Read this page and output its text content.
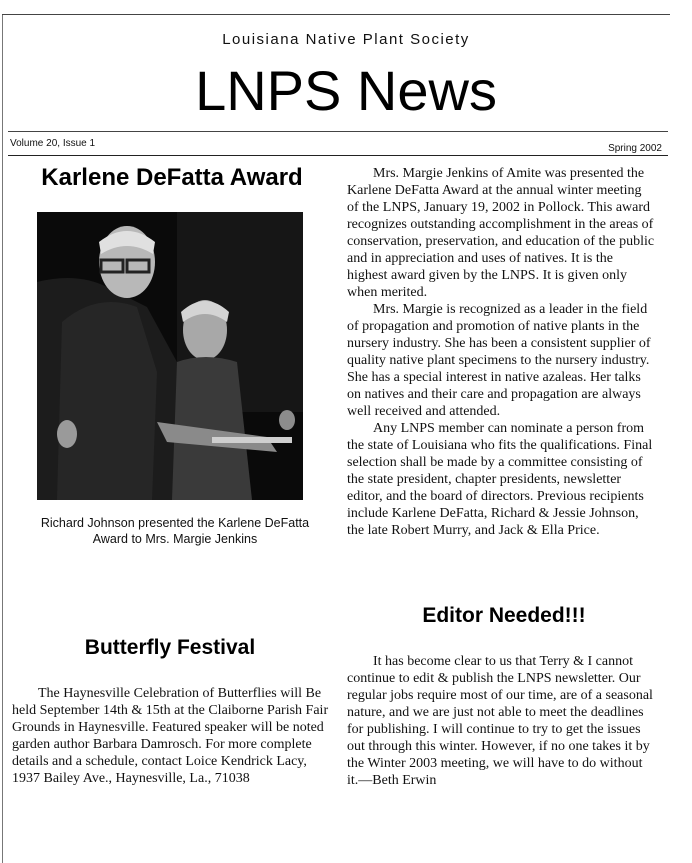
Louisiana Native Plant Society
LNPS News
Volume 20, Issue 1	Spring 2002
Karlene DeFatta Award
Richard Johnson presented the Karlene DeFatta
Award to Mrs. Margie Jenkins

Mrs. Margie Jenkins of Amite was presented the Karlene DeFatta Award at the annual winter meeting of the LNPS, January 19, 2002 in Pollock. This award recognizes outstanding accomplishment in the areas of conservation, preservation, and education of the public and in appreciation and uses of natives. It is the highest award given by the LNPS. It is given only when merited.

Mrs. Margie is recognized as a leader in the field of propagation and promotion of native plants in the nursery industry. She has been a consistent supplier of quality native plant specimens to the nursery industry. She has a special interest in native azaleas. Her talks on natives and their care and propagation are always well received and attended.

Any LNPS member can nominate a person from the state of Louisiana who fits the qualifications. Final selection shall be made by a committee consisting of the state president, chapter presidents, newsletter editor, and the board of directors. Previous recipients include Karlene DeFatta, Richard & Jessie Johnson, the late Robert Murry, and Jack & Ella Price.

Editor Needed!!!

It has become clear to us that Terry & I cannot continue to edit & publish the LNPS newsletter. Our regular jobs require most of our time, are of a seasonal nature, and we are just not able to meet the deadlines for publishing. I will continue to try to get the issues out through this winter. However, if no one takes it by the Winter 2003 meeting, we will have to do without it.—Beth Erwin

Butterfly Festival

The Haynesville Celebration of Butterflies will Be held September 14th & 15th at the Claiborne Parish Fair Grounds in Haynesville. Featured speaker will be noted garden author Barbara Damrosch. For more complete details and a schedule, contact Loice Kendrick Lacy, 1937 Bailey Ave., Haynesville, La., 71038
